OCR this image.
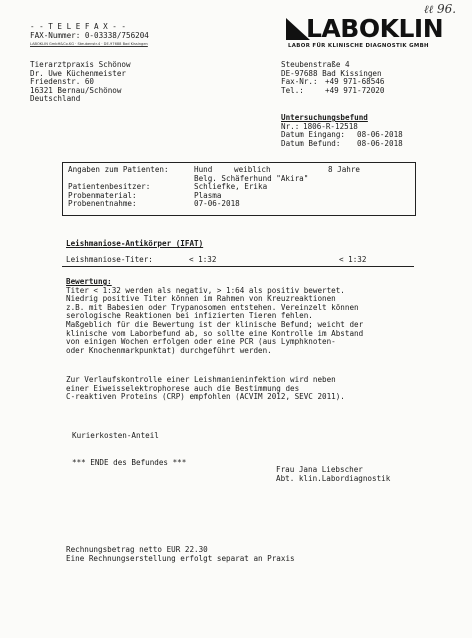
ℓℓ 96.
- - T E L E F A X - -
FAX-Nummer: 0-03338/756204
LABOKLIN GmbH&Co.KG · Steubenstr.4 · DE-97688 Bad Kissingen
LABOKLIN
LABOR FÜR KLINISCHE DIAGNOSTIK GMBH
Tierarztpraxis Schönow
Dr. Uwe Küchenmeister
Friedenstr. 60
16321 Bernau/Schönow
Deutschland
Steubenstraße 4
DE-97688 Bad Kissingen
Fax-Nr.: +49 971-68546
Tel.:	+49 971-72020
Untersuchungsbefund
Nr.: 1806-R-12518
Datum Eingang: 08-06-2018
Datum Befund: 08-06-2018
Angaben zum Patienten:	Hund	weiblich	8 Jahre
Belg. Schäferhund "Akira"
Patientenbesitzer:	Schliefke, Erika
Probenmaterial:	Plasma
Probenentnahme:	07-06-2018
Leishmaniose-Antikörper (IFAT)
Leishmaniose-Titer:	< 1:32	< 1:32
Bewertung:
Titer < 1:32 werden als negativ, > 1:64 als positiv bewertet.
Niedrig positive Titer können im Rahmen von Kreuzreaktionen
z.B. mit Babesien oder Trypanosomen entstehen. Vereinzelt können
serologische Reaktionen bei infizierten Tieren fehlen.
Maßgeblich für die Bewertung ist der klinische Befund; weicht der
klinische vom Laborbefund ab, so sollte eine Kontrolle im Abstand
von einigen Wochen erfolgen oder eine PCR (aus Lymphknoten-
oder Knochenmarkpunktat) durchgeführt werden.
Zur Verlaufskontrolle einer Leishmanieninfektion wird neben
einer Eiweisselektrophorese auch die Bestimmung des
C-reaktiven Proteins (CRP) empfohlen (ACVIM 2012, SEVC 2011).
Kurierkosten-Anteil
*** ENDE des Befundes ***
Frau Jana Liebscher
Abt. klin.Labordiagnostik
Rechnungsbetrag netto EUR 22.30
Eine Rechnungserstellung erfolgt separat an Praxis
